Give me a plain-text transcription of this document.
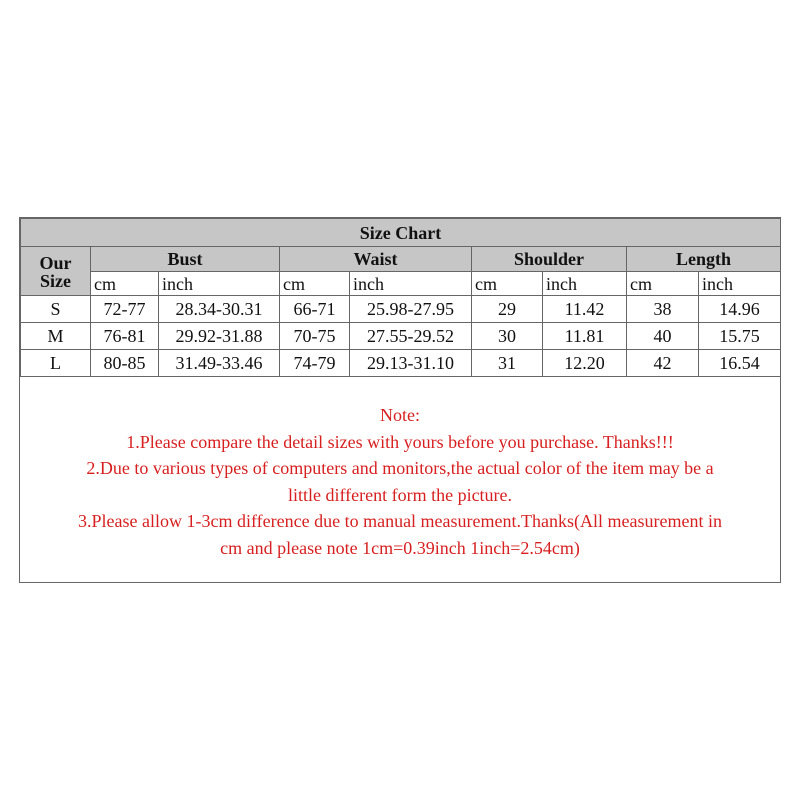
Size Chart								
Our	Bust		Waist		Shoulder		Length	
Size	cm	inch	cm	inch	cm	inch	cm	inch
S	72-77	28.34-30.31	66-71	25.98-27.95	29	11.42	38	14.96
M	76-81	29.92-31.88	70-75	27.55-29.52	30	11.81	40	15.75
L	80-85	31.49-33.46	74-79	29.13-31.10	31	12.20	42	16.54
Note:
1.Please compare the detail sizes with yours before you purchase. Thanks!!!
2.Due to various types of computers and monitors,the actual color of the item may be a
little different form the picture.
3.Please allow 1-3cm difference due to manual measurement.Thanks(All measurement in
cm and please note 1cm=0.39inch 1inch=2.54cm)
